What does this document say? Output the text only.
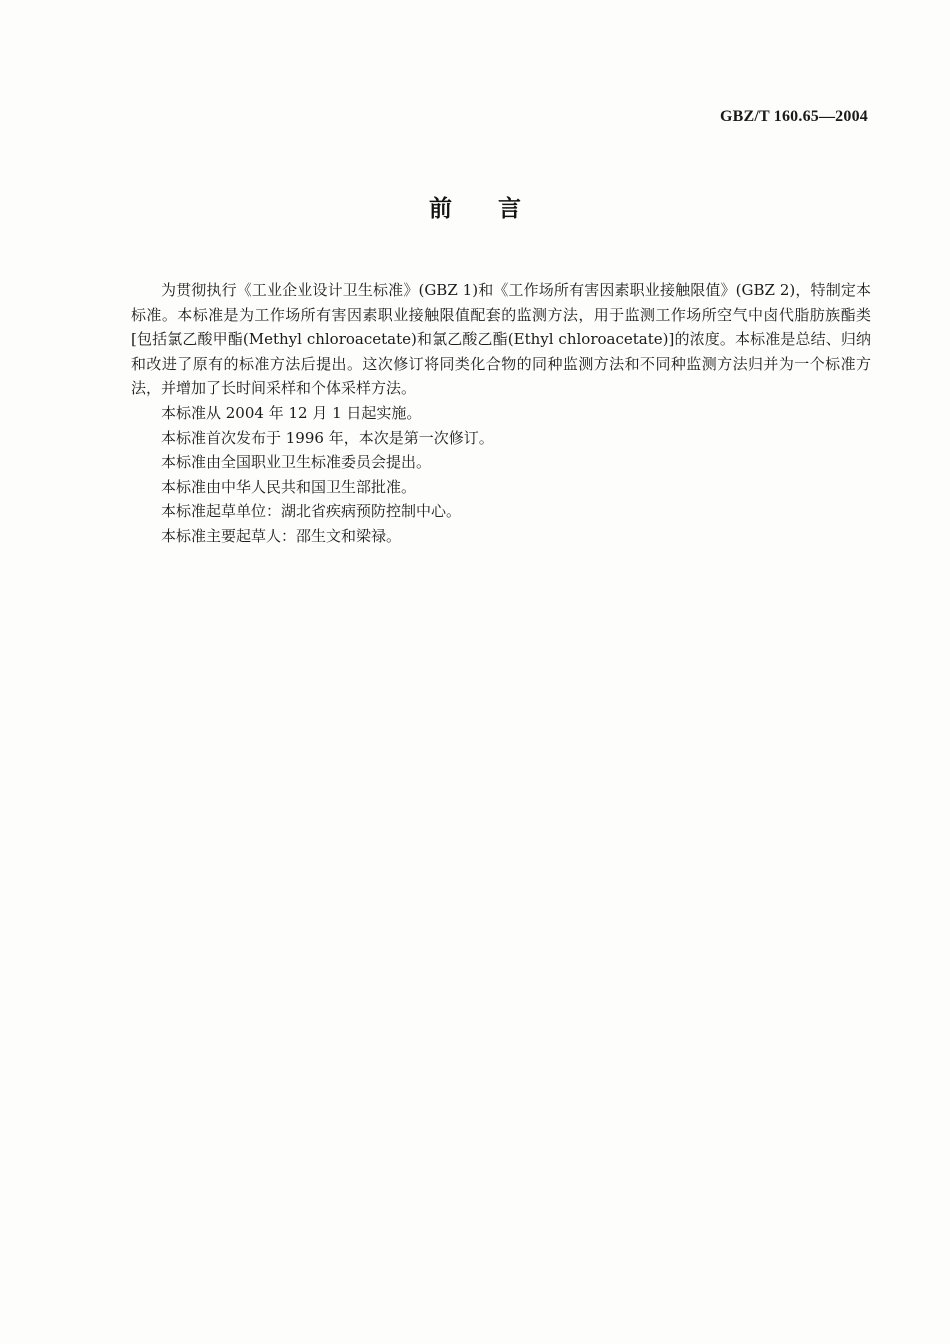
GBZ/T 160.65—2004
前言

为贯彻执行《工业企业设计卫生标准》(GBZ 1)和《工作场所有害因素职业接触限值》(GBZ 2)，特制定本标准。本标准是为工作场所有害因素职业接触限值配套的监测方法，用于监测工作场所空气中卤代脂肪族酯类[包括氯乙酸甲酯(Methyl chloroacetate)和氯乙酸乙酯(Ethyl chloroacetate)]的浓度。本标准是总结、归纳和改进了原有的标准方法后提出。这次修订将同类化合物的同种监测方法和不同种监测方法归并为一个标准方法，并增加了长时间采样和个体采样方法。

本标准从 2004 年 12 月 1 日起实施。

本标准首次发布于 1996 年，本次是第一次修订。

本标准由全国职业卫生标准委员会提出。

本标准由中华人民共和国卫生部批准。

本标准起草单位：湖北省疾病预防控制中心。

本标准主要起草人：邵生文和梁禄。
